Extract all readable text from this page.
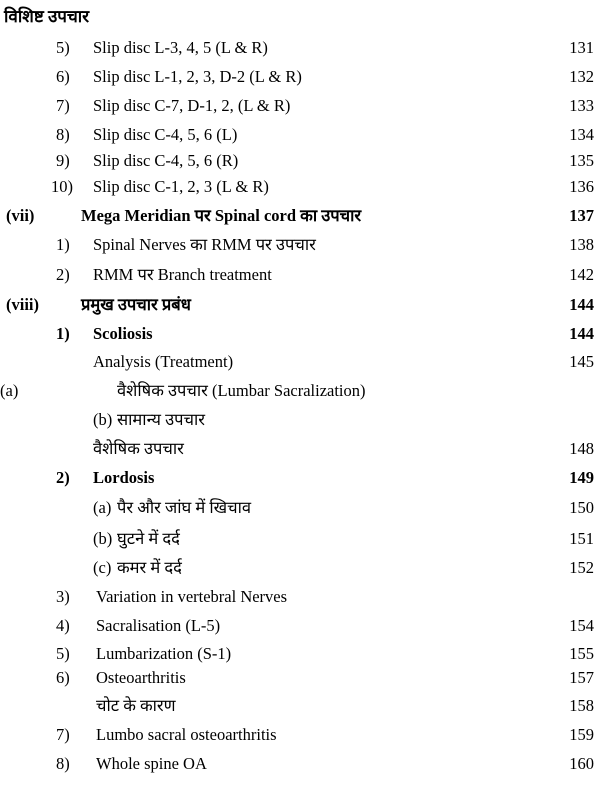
विशिष्ट उपचार
5) Slip disc L-3, 4, 5 (L & R)	131
6) Slip disc L-1, 2, 3, D-2 (L & R)	132
7) Slip disc C-7, D-1, 2, (L & R)	133
8) Slip disc C-4, 5, 6 (L)	134
9) Slip disc C-4, 5, 6 (R)	135
10) Slip disc C-1, 2, 3 (L & R)	136
(vii)	Mega Meridian पर Spinal cord का उपचार	137
1) Spinal Nerves का RMM पर उपचार	138
2) RMM पर Branch treatment	142
(viii)	प्रमुख उपचार प्रबंध	144
1) Scoliosis	144
Analysis (Treatment)	145
(a)	वैशेषिक उपचार (Lumbar Sacralization)
(b) सामान्य उपचार
वैशेषिक उपचार	148
2) Lordosis	149
(a) पैर और जांघ में खिचाव	150
(b) घुटने में दर्द	151
(c) कमर में दर्द	152
3) Variation in vertebral Nerves
4) Sacralisation (L-5)	154
5) Lumbarization (S-1)	155
6) Osteoarthritis	157
चोट के कारण	158
7) Lumbo sacral osteoarthritis	159
8) Whole spine OA	160
